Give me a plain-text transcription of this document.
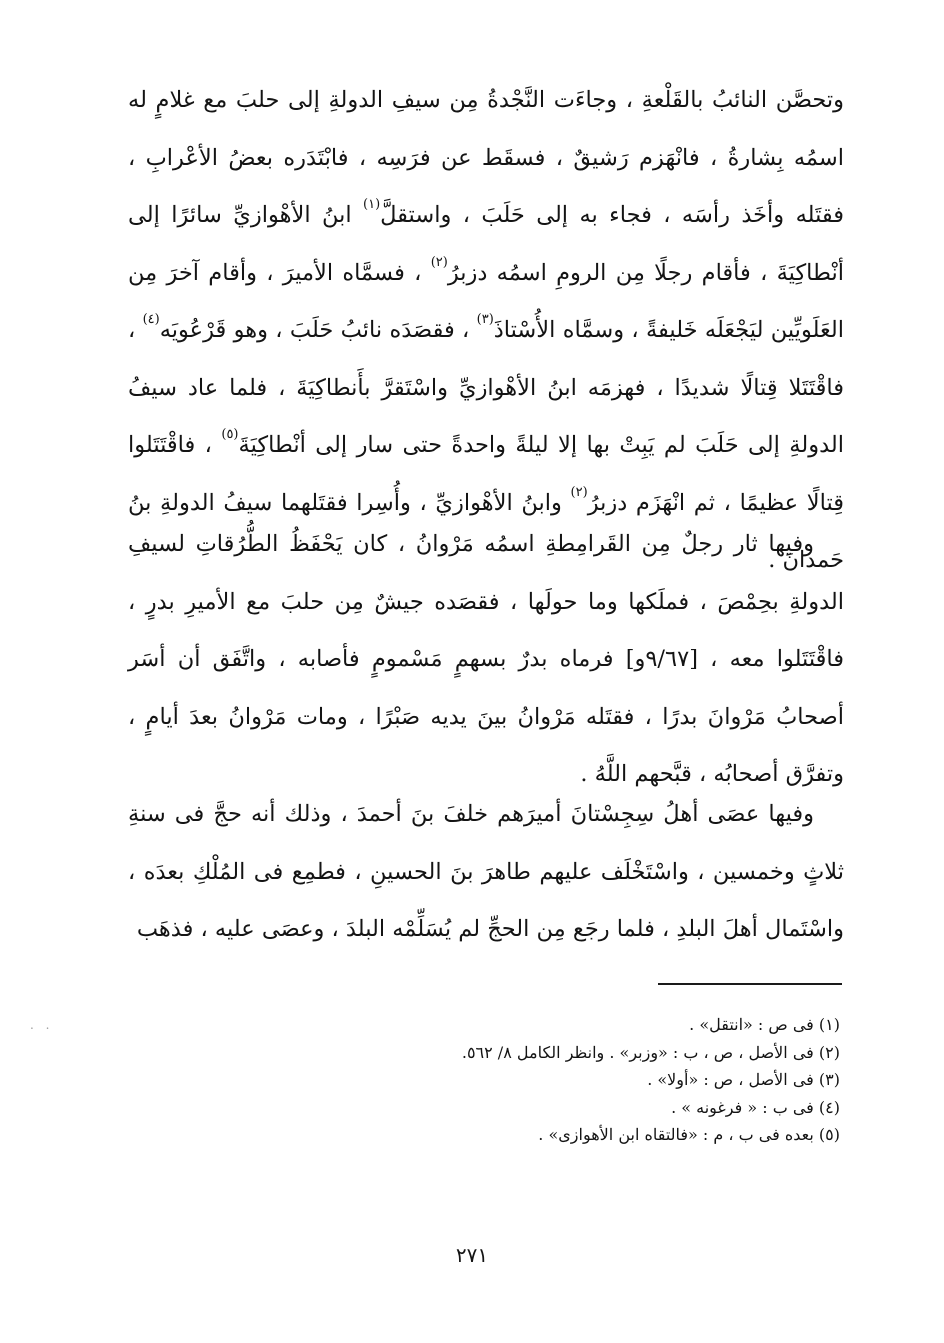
وتحصَّن النائبُ بالقَلْعةِ ، وجاءَت النَّجْدةُ مِن سيفِ الدولةِ إلى حلبَ مع غلامٍ له اسمُه بِشارةُ ، فانْهَزم رَشيقٌ ، فسقَط عن فرَسِه ، فابْتَدَره بعضُ الأعْرابِ ، فقتَله وأخَذ رأسَه ، فجاء به إلى حَلَبَ ، واستقلَّ$^{(١)}$ ابنُ الأهْوازيِّ سائرًا إلى أنْطاكِيَةَ ، فأقام رجلًا مِن الرومِ اسمُه دزبرُ$^{(٢)}$ ، فسمَّاه الأميرَ ، وأقام آخرَ مِن العَلَويِّين ليَجْعَلَه خَليفةً ، وسمَّاه الأُسْتاذَ$^{(٣)}$ ، فقصَدَه نائبُ حَلَبَ ، وهو قَرْعُويَه$^{(٤)}$ ، فاقْتَتَلا قِتالًا شديدًا ، فهزمَه ابنُ الأهْوازيِّ واسْتَقرَّ بأَنطاكِيَةَ ، فلما عاد سيفُ الدولةِ إلى حَلَبَ لم يَبِتْ بها إلا ليلةً واحدةً حتى سار إلى أنْطاكِيَةَ$^{(٥)}$ ، فاقْتَتَلوا قِتالًا عظيمًا ، ثم انْهَزَم دزبرُ$^{(٢)}$ وابنُ الأهْوازيِّ ، وأُسِرا فقتَلهما سيفُ الدولةِ بنُ حَمدانَ .

وفيها ثار رجلٌ مِن القَرامِطةِ اسمُه مَرْوانُ ، كان يَحْفَظُ الطُّرُقاتِ لسيفِ الدولةِ بحِمْصَ ، فملَكها وما حولَها ، فقصَده جيشٌ مِن حلبَ مع الأميرِ بدرٍ ، فاقْتَتَلوا معه ، [٩/٦٧و] فرماه بدرٌ بسهمٍ مَسْمومٍ فأصابه ، واتَّفَق أن أسَر أصحابُ مَرْوانَ بدرًا ، فقتَله مَرْوانُ بينَ يديه صَبْرًا ، ومات مَرْوانُ بعدَ أيامٍ ، وتفرَّق أصحابُه ، قبَّحهم اللَّهُ .

وفيها عصَى أهلُ سِجِسْتانَ أميرَهم خلفَ بنَ أحمدَ ، وذلك أنه حجَّ فى سنةِ ثلاثٍ وخمسين ، واسْتَخْلَف عليهم طاهرَ بنَ الحسينِ ، فطمِع فى المُلْكِ بعدَه ، واسْتَمال أهلَ البلدِ ، فلما رجَع مِن الحجِّ لم يُسَلِّمْه البلدَ ، وعصَى عليه ، فذهَب

(١) فى ص : «انتقل» .
(٢) فى الأصل ، ص ، ب : «وزبر» . وانظر الكامل ٨/ ٥٦٢.
(٣) فى الأصل ، ص : «أولا» .
(٤) فى ب : « فرغونه » .
(٥) بعده فى ب ، م : «فالتقاه ابن الأهوازى» .
. .
٢٧١
